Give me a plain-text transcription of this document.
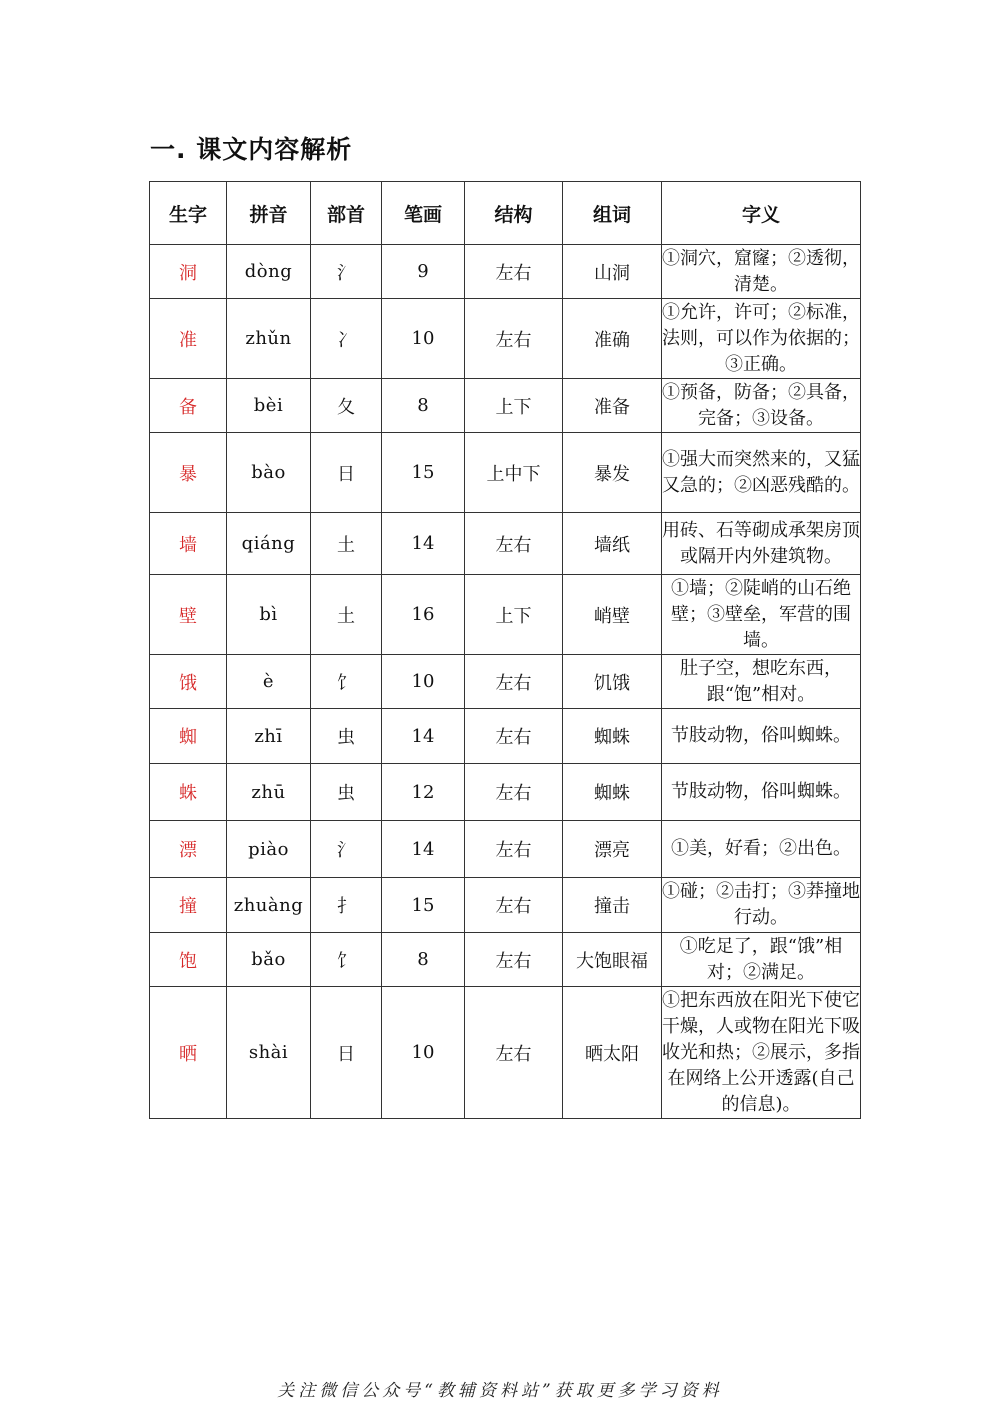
一. 课文内容解析
生字	拼音	部首	笔画	结构	组词	字义
洞	dòng	氵	9	左右	山洞	①洞穴，窟窿；②透彻，清楚。
准	zhǔn	冫	10	左右	准确	①允许，许可；②标准，法则，可以作为依据的；③正确。
备	bèi	夂	8	上下	准备	①预备，防备；②具备，完备；③设备。
暴	bào	日	15	上中下	暴发	①强大而突然来的，又猛又急的；②凶恶残酷的。
墙	qiáng	土	14	左右	墙纸	用砖、石等砌成承架房顶或隔开内外建筑物。
壁	bì	土	16	上下	峭壁	①墙；②陡峭的山石绝壁；③壁垒，军营的围墙。
饿	è	饣	10	左右	饥饿	肚子空，想吃东西，跟“饱”相对。
蜘	zhī	虫	14	左右	蜘蛛	节肢动物，俗叫蜘蛛。
蛛	zhū	虫	12	左右	蜘蛛	节肢动物，俗叫蜘蛛。
漂	piào	氵	14	左右	漂亮	①美，好看；②出色。
撞	zhuàng	扌	15	左右	撞击	①碰；②击打；③莽撞地行动。
饱	bǎo	饣	8	左右	大饱眼福	①吃足了，跟“饿”相对；②满足。
晒	shài	日	10	左右	晒太阳	①把东西放在阳光下使它干燥，人或物在阳光下吸收光和热；②展示，多指在网络上公开透露(自己的信息)。
关注微信公众号“教辅资料站”获取更多学习资料
